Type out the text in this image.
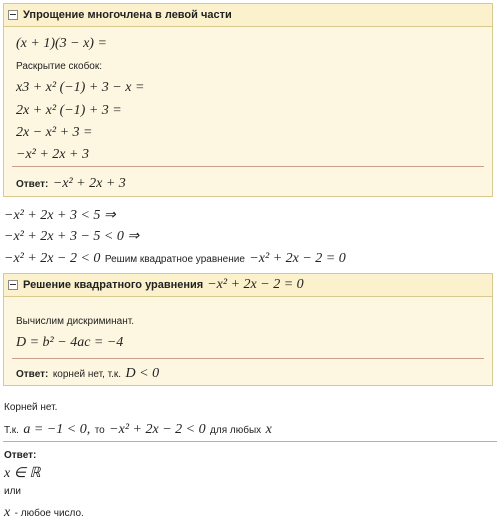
Упрощение многочлена в левой части
(x + 1)(3 − x) =
Раскрытие скобок:
x3 + x² (−1) + 3 − x =
2x + x² (−1) + 3 =
2x − x² + 3 =
−x² + 2x + 3
Ответ: −x² + 2x + 3
−x² + 2x + 3 < 5 ⇒
−x² + 2x + 3 − 5 < 0 ⇒
−x² + 2x − 2 < 0 Решим квадратное уравнение −x² + 2x − 2 = 0
Решение квадратного уравнения −x² + 2x − 2 = 0
Вычислим дискриминант.
D = b² − 4ac = −4
Ответ: корней нет, т.к. D < 0
Корней нет.
Т.к. a = −1 < 0, то −x² + 2x − 2 < 0 для любых x
Ответ:
x ∈ ℝ
или
x - любое число.
